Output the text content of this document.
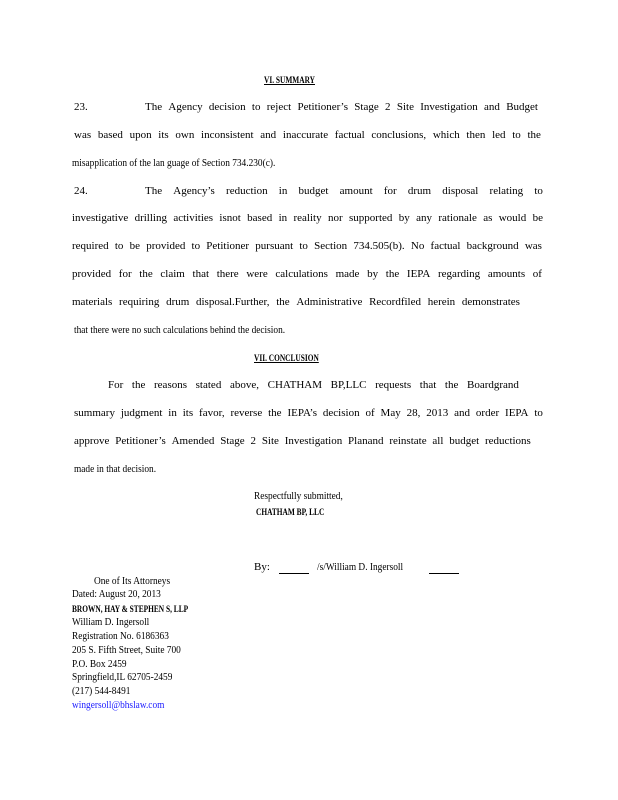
VI. SUMMARY
23.	The Agency decision to reject Petitioner’s Stage 2 Site Investigation and Budget
was based upon its own inconsistent and inaccurate factual conclusions, which then led to the
misapplication of the lan guage of Section 734.230(c).
24.	The Agency’s reduction in budget amount for drum disposal relating to
investigative drilling activities isnot based in reality nor supported by any rationale as would be
required to be provided to Petitioner pursuant to Section 734.505(b). No factual background was
provided for the claim that there were calculations made by the IEPA regarding amounts of
materials requiring drum disposal.Further, the Administrative Recordfiled herein demonstrates
that there were no such calculations behind the decision.
VII. CONCLUSION
For the reasons stated above, CHATHAM BP,LLC requests that the Boardgrand
summary judgment in its favor, reverse the IEPA’s decision of May 28, 2013 and order IEPA to
approve Petitioner’s Amended Stage 2 Site Investigation Planand reinstate all budget reductions
made in that decision.
Respectfully submitted,
CHATHAM BP, LLC
By:	/s/William D. Ingersoll
One of Its Attorneys
Dated: August 20, 2013
BROWN, HAY & STEPHEN S, LLP
William D. Ingersoll
Registration No. 6186363
205 S. Fifth Street, Suite 700
P.O. Box 2459
Springfield,IL 62705-2459
(217) 544-8491
wingersoll@bhslaw.com
